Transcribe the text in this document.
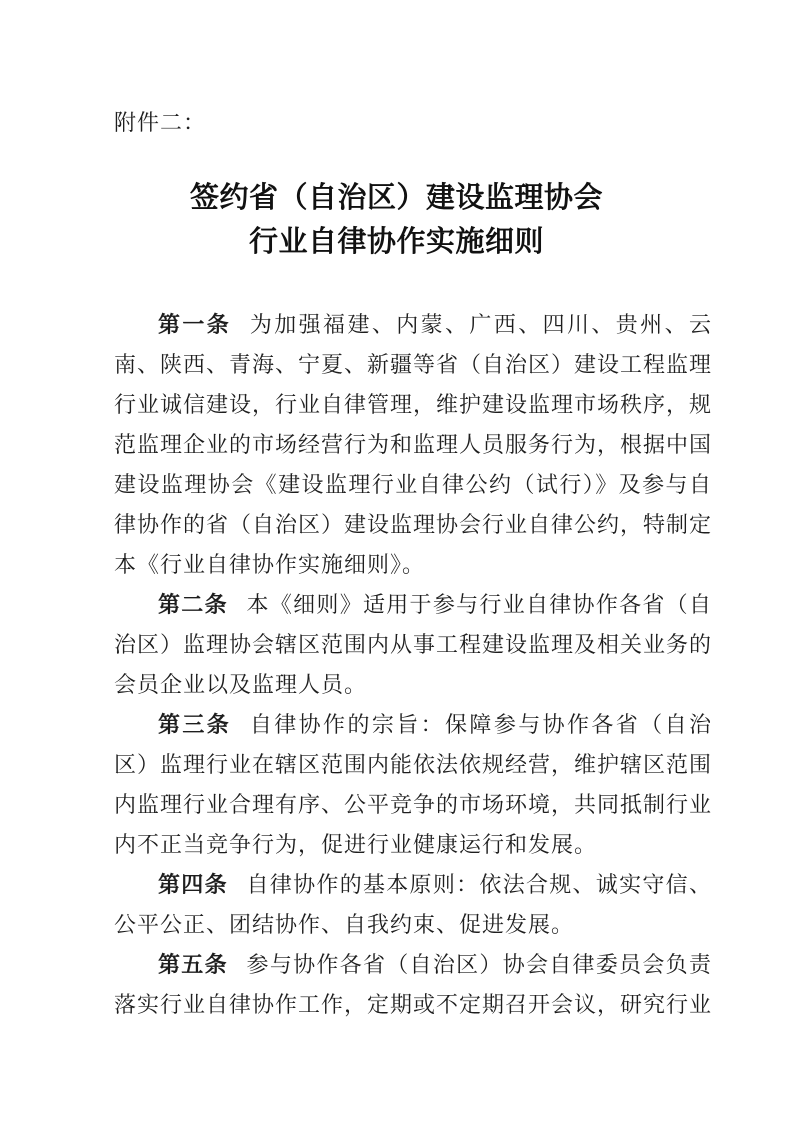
附件二：
签约省（自治区）建设监理协会
行业自律协作实施细则

第一条 为加强福建、内蒙、广西、四川、贵州、云南、陕西、青海、宁夏、新疆等省（自治区）建设工程监理行业诚信建设，行业自律管理，维护建设监理市场秩序，规范监理企业的市场经营行为和监理人员服务行为，根据中国建设监理协会《建设监理行业自律公约（试行）》及参与自律协作的省（自治区）建设监理协会行业自律公约，特制定本《行业自律协作实施细则》。

第二条 本《细则》适用于参与行业自律协作各省（自治区）监理协会辖区范围内从事工程建设监理及相关业务的会员企业以及监理人员。

第三条 自律协作的宗旨：保障参与协作各省（自治区）监理行业在辖区范围内能依法依规经营，维护辖区范围内监理行业合理有序、公平竞争的市场环境，共同抵制行业内不正当竞争行为，促进行业健康运行和发展。

第四条 自律协作的基本原则：依法合规、诚实守信、公平公正、团结协作、自我约束、促进发展。

第五条 参与协作各省（自治区）协会自律委员会负责落实行业自律协作工作，定期或不定期召开会议，研究行业
